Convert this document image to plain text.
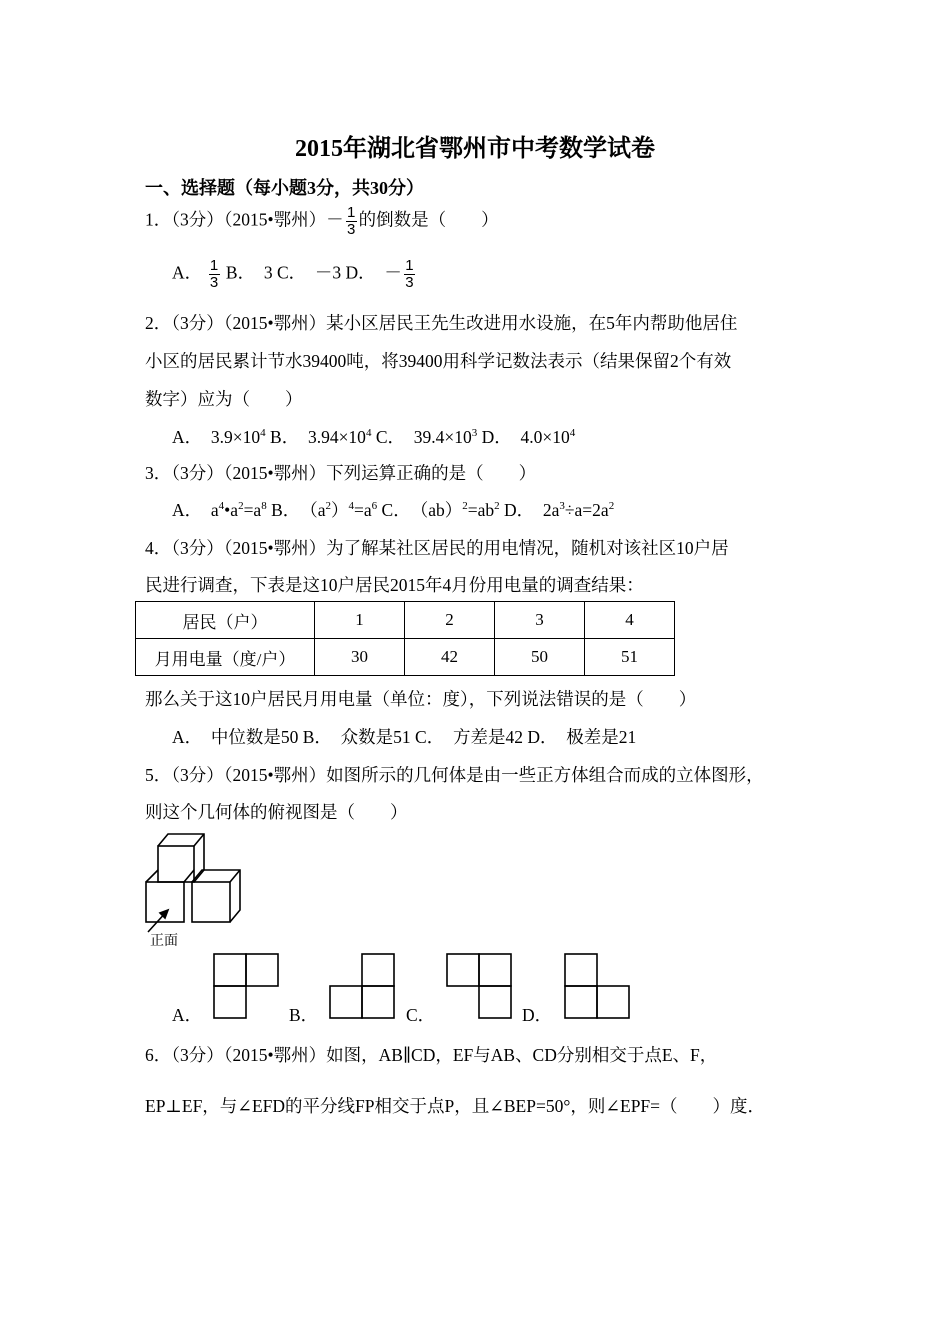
2015年湖北省鄂州市中考数学试卷
一、选择题（每小题3分，共30分）
1．（3分）（2015•鄂州）－ $\frac{1}{3}$ 的倒数是（　　）
A． $\frac{1}{3}$ B．　3 C．　－3 D．　－ $\frac{1}{3}$
2．（3分）（2015•鄂州）某小区居民王先生改进用水设施，在5年内帮助他居住
小区的居民累计节水39400吨，将39400用科学记数法表示（结果保留2个有效
数字）应为（　　）
A．　$3.9\times 10^4$ B．　$3.94\times 10^4$ C．　$39.4\times 10^3$ D．　$4.0\times 10^4$
3．（3分）（2015•鄂州）下列运算正确的是（　　）
A．　$a^4•a^2=a^8$ B．　$(a^2)^4=a^6$ C．　$(ab)^2=ab^2$ D．　$2a^3\div a=2a^2$
4．（3分）（2015•鄂州）为了解某社区居民的用电情况，随机对该社区10户居
民进行调查，下表是这10户居民2015年4月份用电量的调查结果：
居民（户）	1	2	3	4
月用电量（度/户）	30	42	50	51
那么关于这10户居民月用电量（单位：度），下列说法错误的是（　　）
A．　中位数是50 B．　众数是51 C．　方差是42 D．　极差是21
5．（3分）（2015•鄂州）如图所示的几何体是由一些正方体组合而成的立体图形，
则这个几何体的俯视图是（　　）
正面
A．	B．	C．	D．
6．（3分）（2015•鄂州）如图，AB∥CD，EF与AB、CD分别相交于点E、F，
EP⊥EF，与∠EFD的平分线FP相交于点P，且∠BEP=50°，则∠EPF=（　　）度．
